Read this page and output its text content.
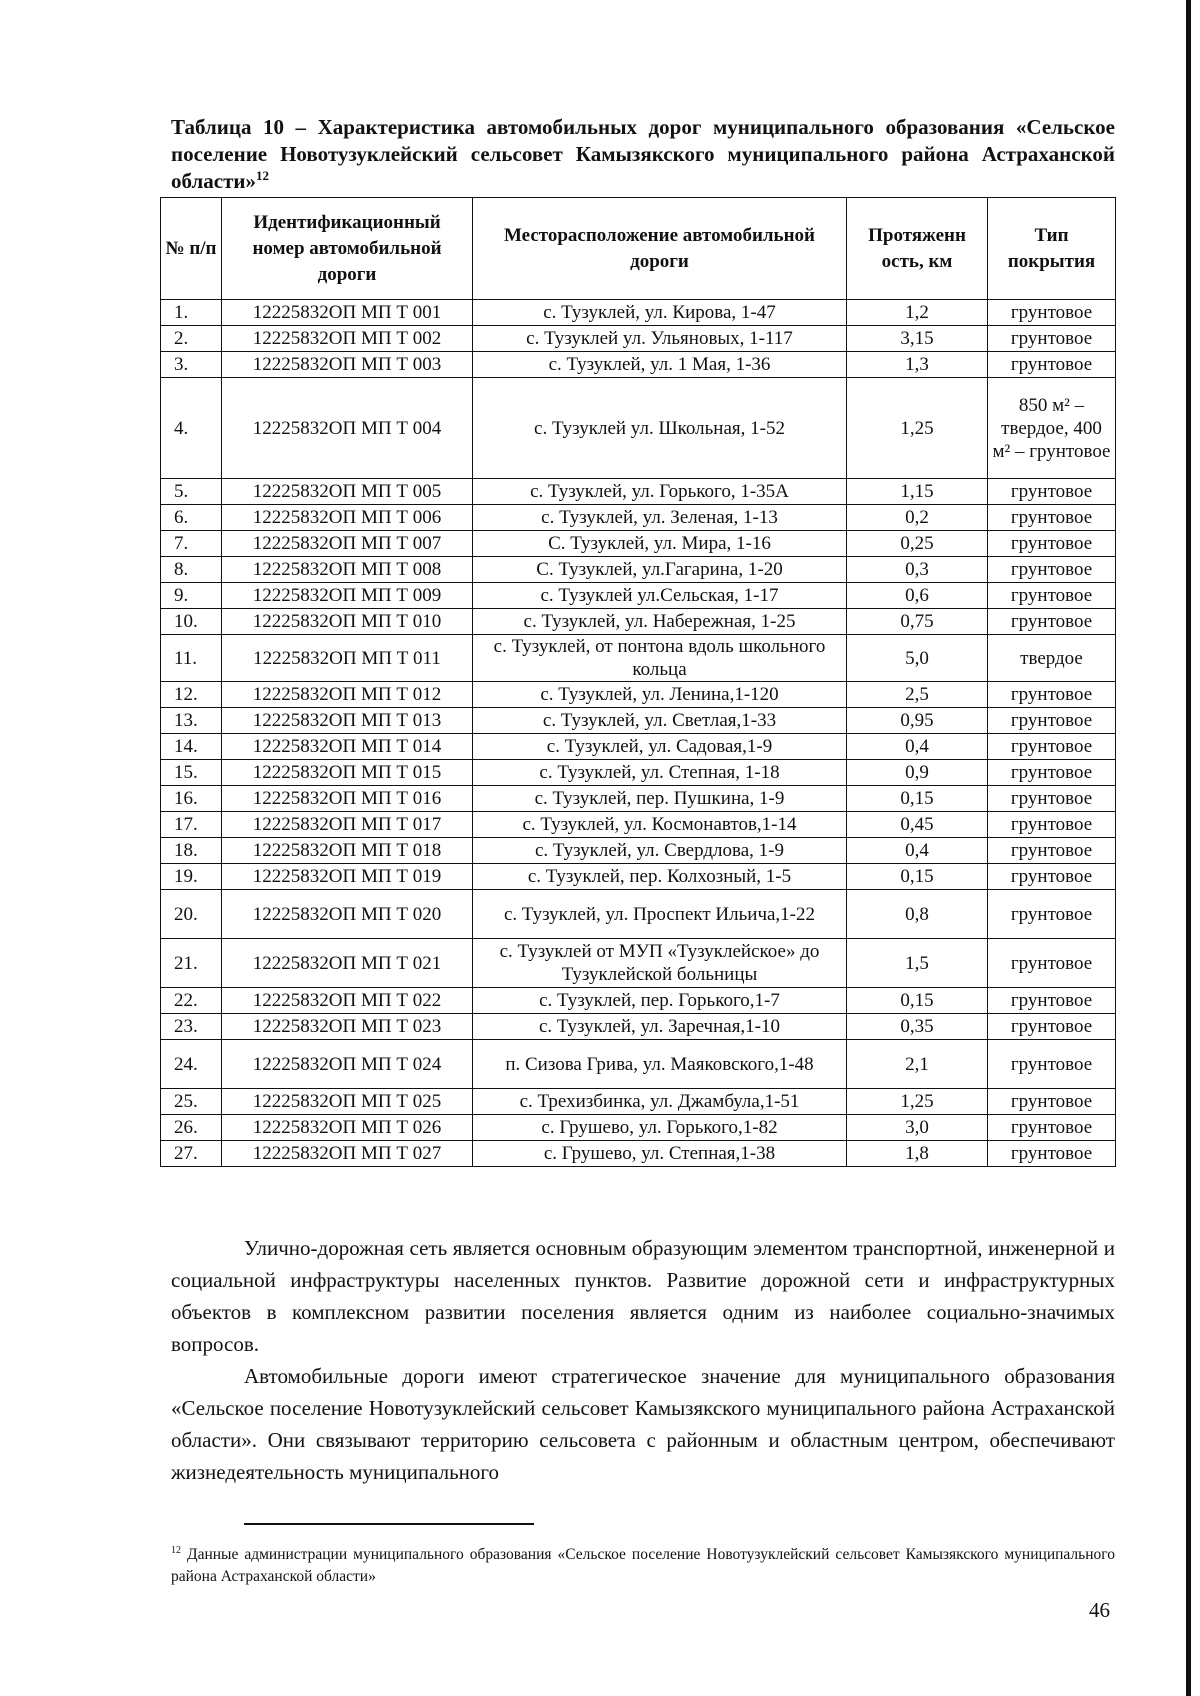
Таблица 10 – Характеристика автомобильных дорог муниципального образования «Сельское поселение Новотузуклейский сельсовет Камызякского муниципального района Астраханской области»$^{12}$
№ п/п	Идентификационный номер автомобильной дороги	Месторасположение автомобильной дороги	Протяженн ость, км	Тип покрытия
1.	12225832ОП МП Т 001	с. Тузуклей, ул. Кирова, 1-47	1,2	грунтовое
2.	12225832ОП МП Т 002	с. Тузуклей ул. Ульяновых, 1-117	3,15	грунтовое
3.	12225832ОП МП Т 003	с. Тузуклей, ул. 1 Мая, 1-36	1,3	грунтовое
4.	12225832ОП МП Т 004	с. Тузуклей ул. Школьная, 1-52	1,25	850 м² – твердое, 400 м² – грунтовое
5.	12225832ОП МП Т 005	с. Тузуклей, ул. Горького, 1-35А	1,15	грунтовое
6.	12225832ОП МП Т 006	с. Тузуклей, ул. Зеленая, 1-13	0,2	грунтовое
7.	12225832ОП МП Т 007	С. Тузуклей, ул. Мира, 1-16	0,25	грунтовое
8.	12225832ОП МП Т 008	С. Тузуклей, ул.Гагарина, 1-20	0,3	грунтовое
9.	12225832ОП МП Т 009	с. Тузуклей ул.Сельская, 1-17	0,6	грунтовое
10.	12225832ОП МП Т 010	с. Тузуклей, ул. Набережная, 1-25	0,75	грунтовое
11.	12225832ОП МП Т 011	с. Тузуклей, от понтона вдоль школьного кольца	5,0	твердое
12.	12225832ОП МП Т 012	с. Тузуклей, ул. Ленина,1-120	2,5	грунтовое
13.	12225832ОП МП Т 013	с. Тузуклей, ул. Светлая,1-33	0,95	грунтовое
14.	12225832ОП МП Т 014	с. Тузуклей, ул. Садовая,1-9	0,4	грунтовое
15.	12225832ОП МП Т 015	с. Тузуклей, ул. Степная, 1-18	0,9	грунтовое
16.	12225832ОП МП Т 016	с. Тузуклей, пер. Пушкина, 1-9	0,15	грунтовое
17.	12225832ОП МП Т 017	с. Тузуклей, ул. Космонавтов,1-14	0,45	грунтовое
18.	12225832ОП МП Т 018	с. Тузуклей, ул. Свердлова, 1-9	0,4	грунтовое
19.	12225832ОП МП Т 019	с. Тузуклей, пер. Колхозный, 1-5	0,15	грунтовое
20.	12225832ОП МП Т 020	с. Тузуклей, ул. Проспект Ильича,1-22	0,8	грунтовое
21.	12225832ОП МП Т 021	с. Тузуклей от МУП «Тузуклейское» до Тузуклейской больницы	1,5	грунтовое
22.	12225832ОП МП Т 022	с. Тузуклей, пер. Горького,1-7	0,15	грунтовое
23.	12225832ОП МП Т 023	с. Тузуклей, ул. Заречная,1-10	0,35	грунтовое
24.	12225832ОП МП Т 024	п. Сизова Грива, ул. Маяковского,1-48	2,1	грунтовое
25.	12225832ОП МП Т 025	с. Трехизбинка, ул. Джамбула,1-51	1,25	грунтовое
26.	12225832ОП МП Т 026	с. Грушево, ул. Горького,1-82	3,0	грунтовое
27.	12225832ОП МП Т 027	с. Грушево, ул. Степная,1-38	1,8	грунтовое

Улично-дорожная сеть является основным образующим элементом транспортной, инженерной и социальной инфраструктуры населенных пунктов. Развитие дорожной сети и инфраструктурных объектов в комплексном развитии поселения является одним из наиболее социально-значимых вопросов.

Автомобильные дороги имеют стратегическое значение для муниципального образования «Сельское поселение Новотузуклейский сельсовет Камызякского муниципального района Астраханской области». Они связывают территорию сельсовета с районным и областным центром, обеспечивают жизнедеятельность муниципального

$^{12}$ Данные администрации муниципального образования «Сельское поселение Новотузуклейский сельсовет Камызякского муниципального района Астраханской области»
46
